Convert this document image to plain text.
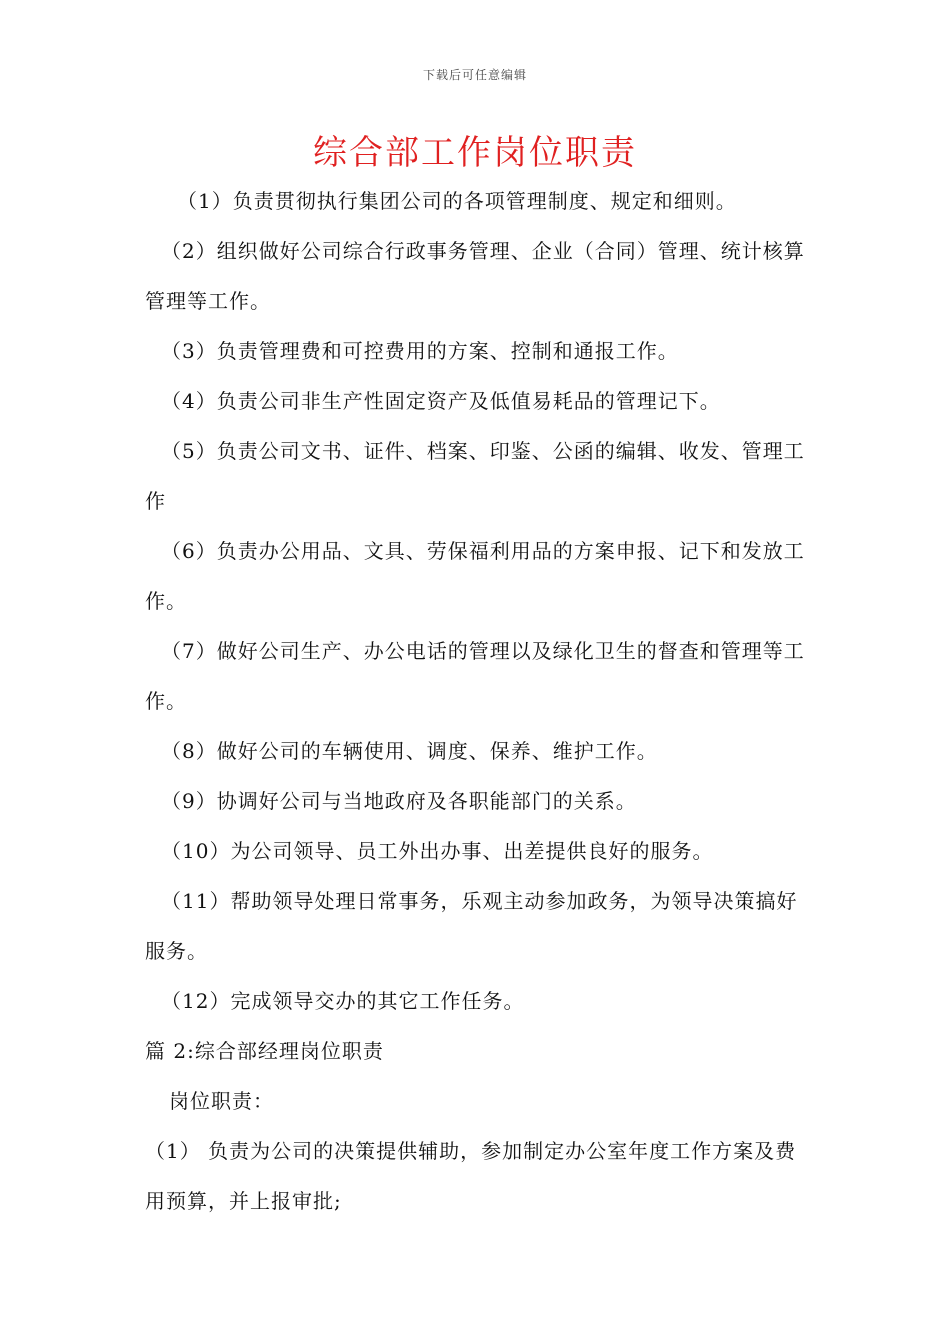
下载后可任意编辑
综合部工作岗位职责

（1）负责贯彻执行集团公司的各项管理制度、规定和细则。

（2）组织做好公司综合行政事务管理、企业（合同）管理、统计核算管理等工作。

（3）负责管理费和可控费用的方案、控制和通报工作。

（4）负责公司非生产性固定资产及低值易耗品的管理记下。

（5）负责公司文书、证件、档案、印鉴、公函的编辑、收发、管理工作

（6）负责办公用品、文具、劳保福利用品的方案申报、记下和发放工作。

（7）做好公司生产、办公电话的管理以及绿化卫生的督查和管理等工作。

（8）做好公司的车辆使用、调度、保养、维护工作。

（9）协调好公司与当地政府及各职能部门的关系。

（10）为公司领导、员工外出办事、出差提供良好的服务。

（11）帮助领导处理日常事务，乐观主动参加政务，为领导决策搞好服务。

（12）完成领导交办的其它工作任务。

篇 2:综合部经理岗位职责

岗位职责：

（1） 负责为公司的决策提供辅助，参加制定办公室年度工作方案及费用预算，并上报审批;
